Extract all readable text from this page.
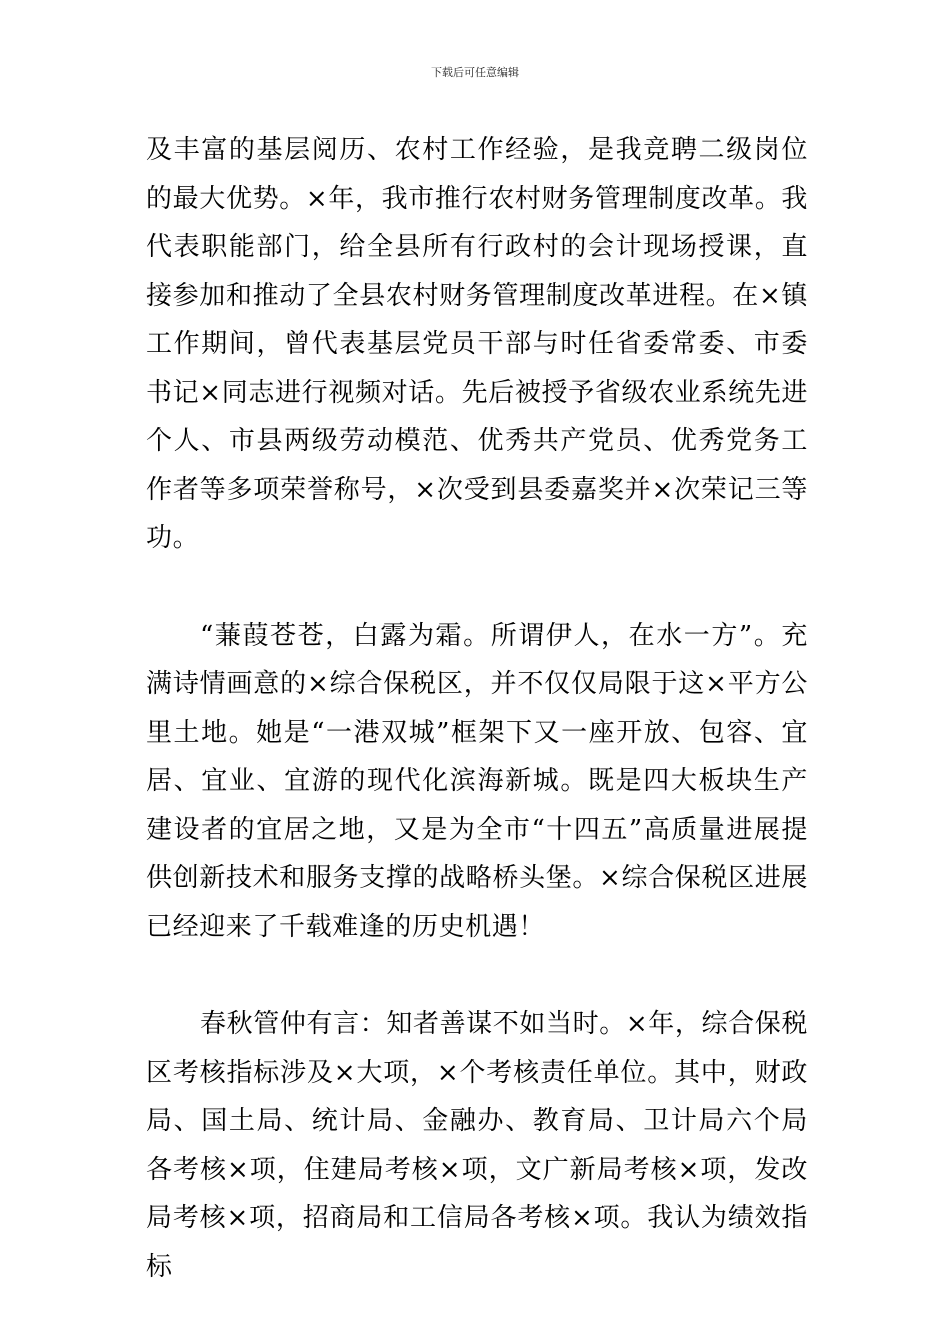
下载后可任意编辑

及丰富的基层阅历、农村工作经验，是我竞聘二级岗位的最大优势。×年，我市推行农村财务管理制度改革。我代表职能部门，给全县所有行政村的会计现场授课，直接参加和推动了全县农村财务管理制度改革进程。在×镇工作期间，曾代表基层党员干部与时任省委常委、市委书记×同志进行视频对话。先后被授予省级农业系统先进个人、市县两级劳动模范、优秀共产党员、优秀党务工作者等多项荣誉称号，×次受到县委嘉奖并×次荣记三等功。

“蒹葭苍苍，白露为霜。所谓伊人，在水一方”。充满诗情画意的×综合保税区，并不仅仅局限于这×平方公里土地。她是“一港双城”框架下又一座开放、包容、宜居、宜业、宜游的现代化滨海新城。既是四大板块生产建设者的宜居之地，又是为全市“十四五”高质量进展提供创新技术和服务支撑的战略桥头堡。×综合保税区进展已经迎来了千载难逢的历史机遇！

春秋管仲有言：知者善谋不如当时。×年，综合保税区考核指标涉及×大项，×个考核责任单位。其中，财政局、国土局、统计局、金融办、教育局、卫计局六个局各考核×项，住建局考核×项，文广新局考核×项，发改局考核×项，招商局和工信局各考核×项。我认为绩效指标
